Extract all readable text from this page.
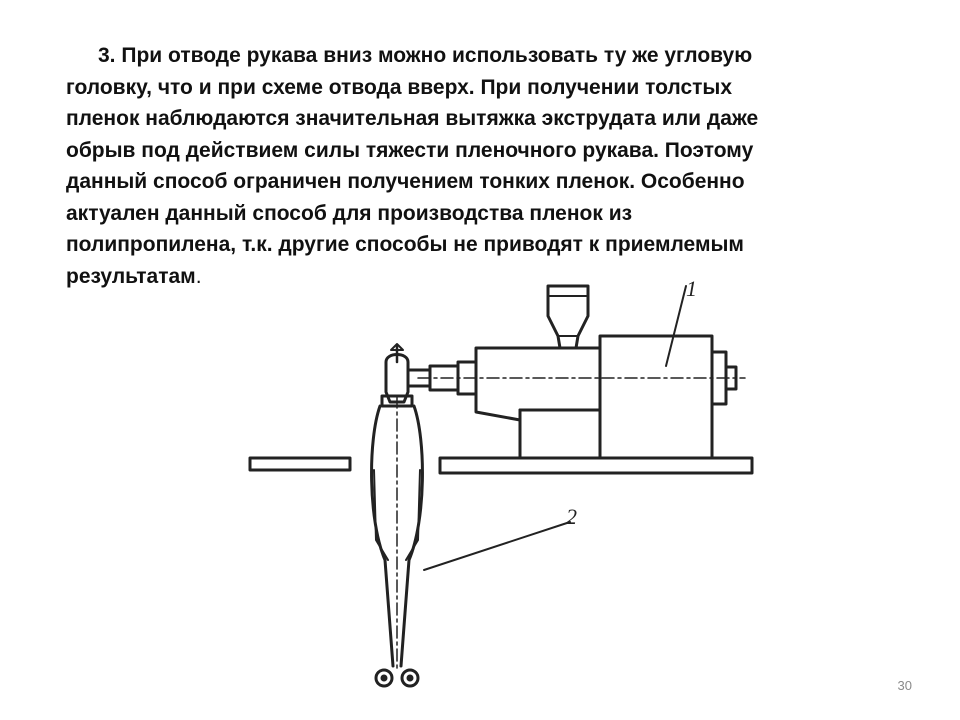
3. При отводе рукава вниз можно использовать ту же угловую
головку, что и при схеме отвода вверх. При получении толстых
пленок наблюдаются значительная вытяжка экструдата или даже
обрыв под действием силы тяжести пленочного рукава. Поэтому
данный способ ограничен получением тонких пленок. Особенно
актуален данный способ для производства пленок из
полипропилена, т.к. другие способы не приводят к приемлемым
результатам.	1
2
30
